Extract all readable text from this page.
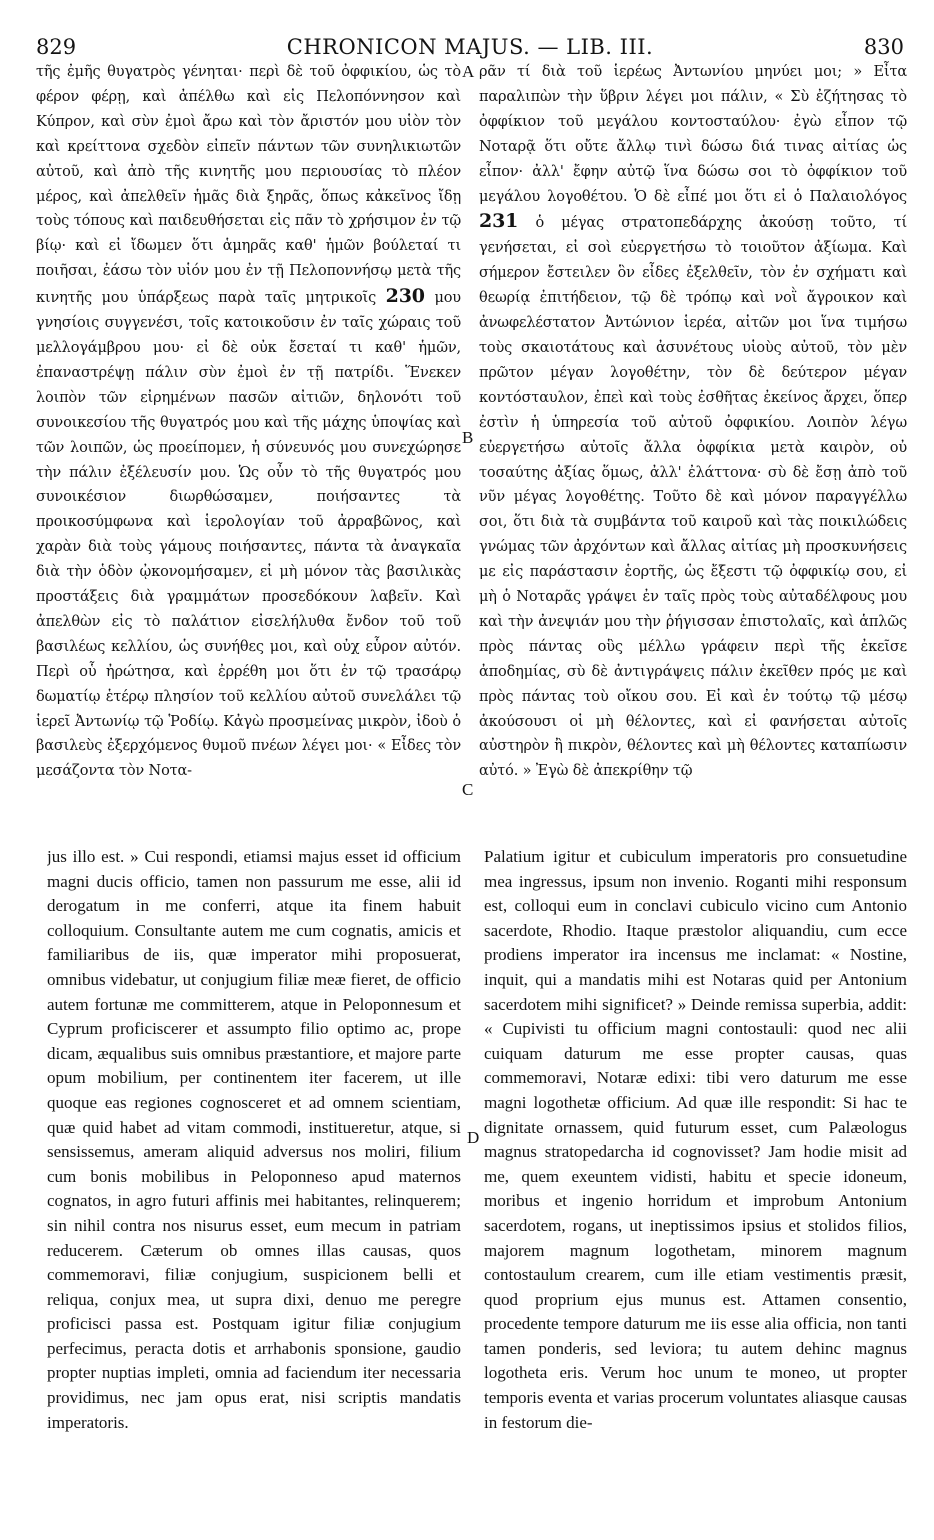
829	CHRONICON MAJUS. — LIB. III.	830

τῆς ἐμῆς θυγατρὸς γένηται· περὶ δὲ τοῦ ὀφφικίου, ὡς τὸ φέρον φέρῃ, καὶ ἀπέλθω καὶ εἰς Πελοπόννησον καὶ Κύπρον, καὶ σὺν ἐμοὶ ἄρω καὶ τὸν ἄριστόν μου υἱὸν τὸν καὶ κρείττονα σχεδὸν εἰπεῖν πάντων τῶν συνηλικιωτῶν αὐτοῦ, καὶ ἀπὸ τῆς κινητῆς μου περιουσίας τὸ πλέον μέρος, καὶ ἀπελθεῖν ἡμᾶς διὰ ξηρᾶς, ὅπως κἀκεῖνος ἴδῃ τοὺς τόπους καὶ παιδευθήσεται εἰς πᾶν τὸ χρήσιμον ἐν τῷ βίῳ· καὶ εἰ ἴδωμεν ὅτι ἁμηρᾶς καθ' ἡμῶν βούλεταί τι ποιῆσαι, ἐάσω τὸν υἱόν μου ἐν τῇ Πελοποννήσῳ μετὰ τῆς κινητῆς μου ὑπάρξεως παρὰ ταῖς μητρικοῖς 230 μου γνησίοις συγγενέσι, τοῖς κατοικοῦσιν ἐν ταῖς χώραις τοῦ μελλογάμβρου μου· εἰ δὲ οὐκ ἔσεταί τι καθ' ἡμῶν, ἐπαναστρέψῃ πάλιν σὺν ἐμοὶ ἐν τῇ πατρίδι. Ἕνεκεν λοιπὸν τῶν εἰρημένων πασῶν αἰτιῶν, δηλονότι τοῦ συνοικεσίου τῆς θυγατρός μου καὶ τῆς μάχης ὑποψίας καὶ τῶν λοιπῶν, ὡς προείπομεν, ἡ σύνευνός μου συνεχώρησε τὴν πάλιν ἐξέλευσίν μου. Ὡς οὖν τὸ τῆς θυγατρός μου συνοικέσιον διωρθώσαμεν, ποιήσαντες τὰ προικοσύμφωνα καὶ ἱερολογίαν τοῦ ἀρραβῶνος, καὶ χαρὰν διὰ τοὺς γάμους ποιήσαντες, πάντα τὰ ἀναγκαῖα διὰ τὴν ὁδὸν ᾠκονομήσαμεν, εἰ μὴ μόνον τὰς βασιλικὰς προστάξεις διὰ γραμμάτων προσεδόκουν λαβεῖν. Καὶ ἀπελθὼν εἰς τὸ παλάτιον εἰσελήλυθα ἔνδον τοῦ τοῦ βασιλέως κελλίου, ὡς συνήθες μοι, καὶ οὐχ εὗρον αὐτόν. Περὶ οὗ ἠρώτησα, καὶ ἐρρέθη μοι ὅτι ἐν τῷ τρασάρῳ δωματίῳ ἑτέρῳ πλησίον τοῦ κελλίου αὐτοῦ συνελάλει τῷ ἱερεῖ Ἀντωνίῳ τῷ Ῥοδίῳ. Κἀγὼ προσμείνας μικρὸν, ἰδοὺ ὁ βασιλεὺς ἐξερχόμενος θυμοῦ πνέων λέγει μοι· « Εἶδες τὸν μεσάζοντα τὸν Νοτα-

ρᾶν τί διὰ τοῦ ἱερέως Ἀντωνίου μηνύει μοι; » Εἶτα παραλιπὼν τὴν ὕβριν λέγει μοι πάλιν, « Σὺ ἐζήτησας τὸ ὀφφίκιον τοῦ μεγάλου κοντοσταύλου· ἐγὼ εἶπον τῷ Νοταρᾷ ὅτι οὔτε ἄλλῳ τινὶ δώσω διά τινας αἰτίας ὡς εἶπον· ἀλλ' ἔφην αὐτῷ ἵνα δώσω σοι τὸ ὀφφίκιον τοῦ μεγάλου λογοθέτου. Ὁ δὲ εἶπέ μοι ὅτι εἰ ὁ Παλαιολόγος 231 ὁ μέγας στρατοπεδάρχης ἀκούσῃ τοῦτο, τί γενήσεται, εἰ σοὶ εὐεργετήσω τὸ τοιοῦτον ἀξίωμα. Καὶ σήμερον ἔστειλεν ὃν εἶδες ἐξελθεῖν, τὸν ἐν σχήματι καὶ θεωρίᾳ ἐπιτήδειον, τῷ δὲ τρόπῳ καὶ νοῒ ἄγροικον καὶ ἀνωφελέστατον Ἀντώνιον ἱερέα, αἰτῶν μοι ἵνα τιμήσω τοὺς σκαιοτάτους καὶ ἀσυνέτους υἱοὺς αὐτοῦ, τὸν μὲν πρῶτον μέγαν λογοθέτην, τὸν δὲ δεύτερον μέγαν κοντόσταυλον, ἐπεὶ καὶ τοὺς ἐσθῆτας ἐκείνος ἄρχει, ὅπερ ἐστὶν ἡ ὑπηρεσία τοῦ αὐτοῦ ὀφφικίου. Λοιπὸν λέγω εὐεργετήσω αὐτοῖς ἄλλα ὀφφίκια μετὰ καιρὸν, οὐ τοσαύτης ἀξίας ὅμως, ἀλλ' ἐλάττονα· σὺ δὲ ἔσῃ ἀπὸ τοῦ νῦν μέγας λογοθέτης. Τοῦτο δὲ καὶ μόνον παραγγέλλω σοι, ὅτι διὰ τὰ συμβάντα τοῦ καιροῦ καὶ τὰς ποικιλώδεις γνώμας τῶν ἀρχόντων καὶ ἄλλας αἰτίας μὴ προσκυνήσεις με εἰς παράστασιν ἑορτῆς, ὡς ἔξεστι τῷ ὀφφικίῳ σου, εἰ μὴ ὁ Νοταρᾶς γράψει ἐν ταῖς πρὸς τοὺς αὐταδέλφους μου καὶ τὴν ἀνεψιάν μου τὴν ῥήγισσαν ἐπιστολαῖς, καὶ ἁπλῶς πρὸς πάντας οὓς μέλλω γράφειν περὶ τῆς ἐκεῖσε ἀποδημίας, σὺ δὲ ἀντιγράψεις πάλιν ἐκεῖθεν πρός με καὶ πρὸς πάντας τοὺ οἴκου σου. Εἰ καὶ ἐν τούτῳ τῷ μέσῳ ἀκούσουσι οἱ μὴ θέλοντες, καὶ εἰ φανήσεται αὐτοῖς αὐστηρὸν ἢ πικρὸν, θέλοντες καὶ μὴ θέλοντες καταπίωσιν αὐτό. » Ἐγὼ δὲ ἀπεκρίθην τῷ

jus illo est. » Cui respondi, etiamsi majus esset id officium magni ducis officio, tamen non passurum me esse, alii id derogatum in me conferri, atque ita finem habuit colloquium. Consultante autem me cum cognatis, amicis et familiaribus de iis, quæ imperator mihi proposuerat, omnibus videbatur, ut conjugium filiæ meæ fieret, de officio autem fortunæ me committerem, atque in Peloponnesum et Cyprum proficiscerer et assumpto filio optimo ac, prope dicam, æqualibus suis omnibus præstantiore, et majore parte opum mobilium, per continentem iter facerem, ut ille quoque eas regiones cognosceret et ad omnem scientiam, quæ quid habet ad vitam commodi, institueretur, atque, si sensissemus, ameram aliquid adversus nos moliri, filium cum bonis mobilibus in Peloponneso apud maternos cognatos, in agro futuri affinis mei habitantes, relinquerem; sin nihil contra nos nisurus esset, eum mecum in patriam reducerem. Cæterum ob omnes illas causas, quos commemoravi, filiæ conjugium, suspicionem belli et reliqua, conjux mea, ut supra dixi, denuo me peregre proficisci passa est. Postquam igitur filiæ conjugium perfecimus, peracta dotis et arrhabonis sponsione, gaudio propter nuptias impleti, omnia ad faciendum iter necessaria providimus, nec jam opus erat, nisi scriptis mandatis imperatoris.

Palatium igitur et cubiculum imperatoris pro consuetudine mea ingressus, ipsum non invenio. Roganti mihi responsum est, colloqui eum in conclavi cubiculo vicino cum Antonio sacerdote, Rhodio. Itaque præstolor aliquandiu, cum ecce prodiens imperator ira incensus me inclamat: « Nostine, inquit, qui a mandatis mihi est Notaras quid per Antonium sacerdotem mihi significet? » Deinde remissa superbia, addit: « Cupivisti tu officium magni contostauli: quod nec alii cuiquam daturum me esse propter causas, quas commemoravi, Notaræ edixi: tibi vero daturum me esse magni logothetæ officium. Ad quæ ille respondit: Si hac te dignitate ornassem, quid futurum esset, cum Palæologus magnus stratopedarcha id cognovisset? Jam hodie misit ad me, quem exeuntem vidisti, habitu et specie idoneum, moribus et ingenio horridum et improbum Antonium sacerdotem, rogans, ut ineptissimos ipsius et stolidos filios, majorem magnum logothetam, minorem magnum contostaulum crearem, cum ille etiam vestimentis præsit, quod proprium ejus munus est. Attamen consentio, procedente tempore daturum me iis esse alia officia, non tanti tamen ponderis, sed leviora; tu autem dehinc magnus logotheta eris. Verum hoc unum te moneo, ut propter temporis eventa et varias procerum voluntates aliasque causas in festorum die-

A
B
C
D
